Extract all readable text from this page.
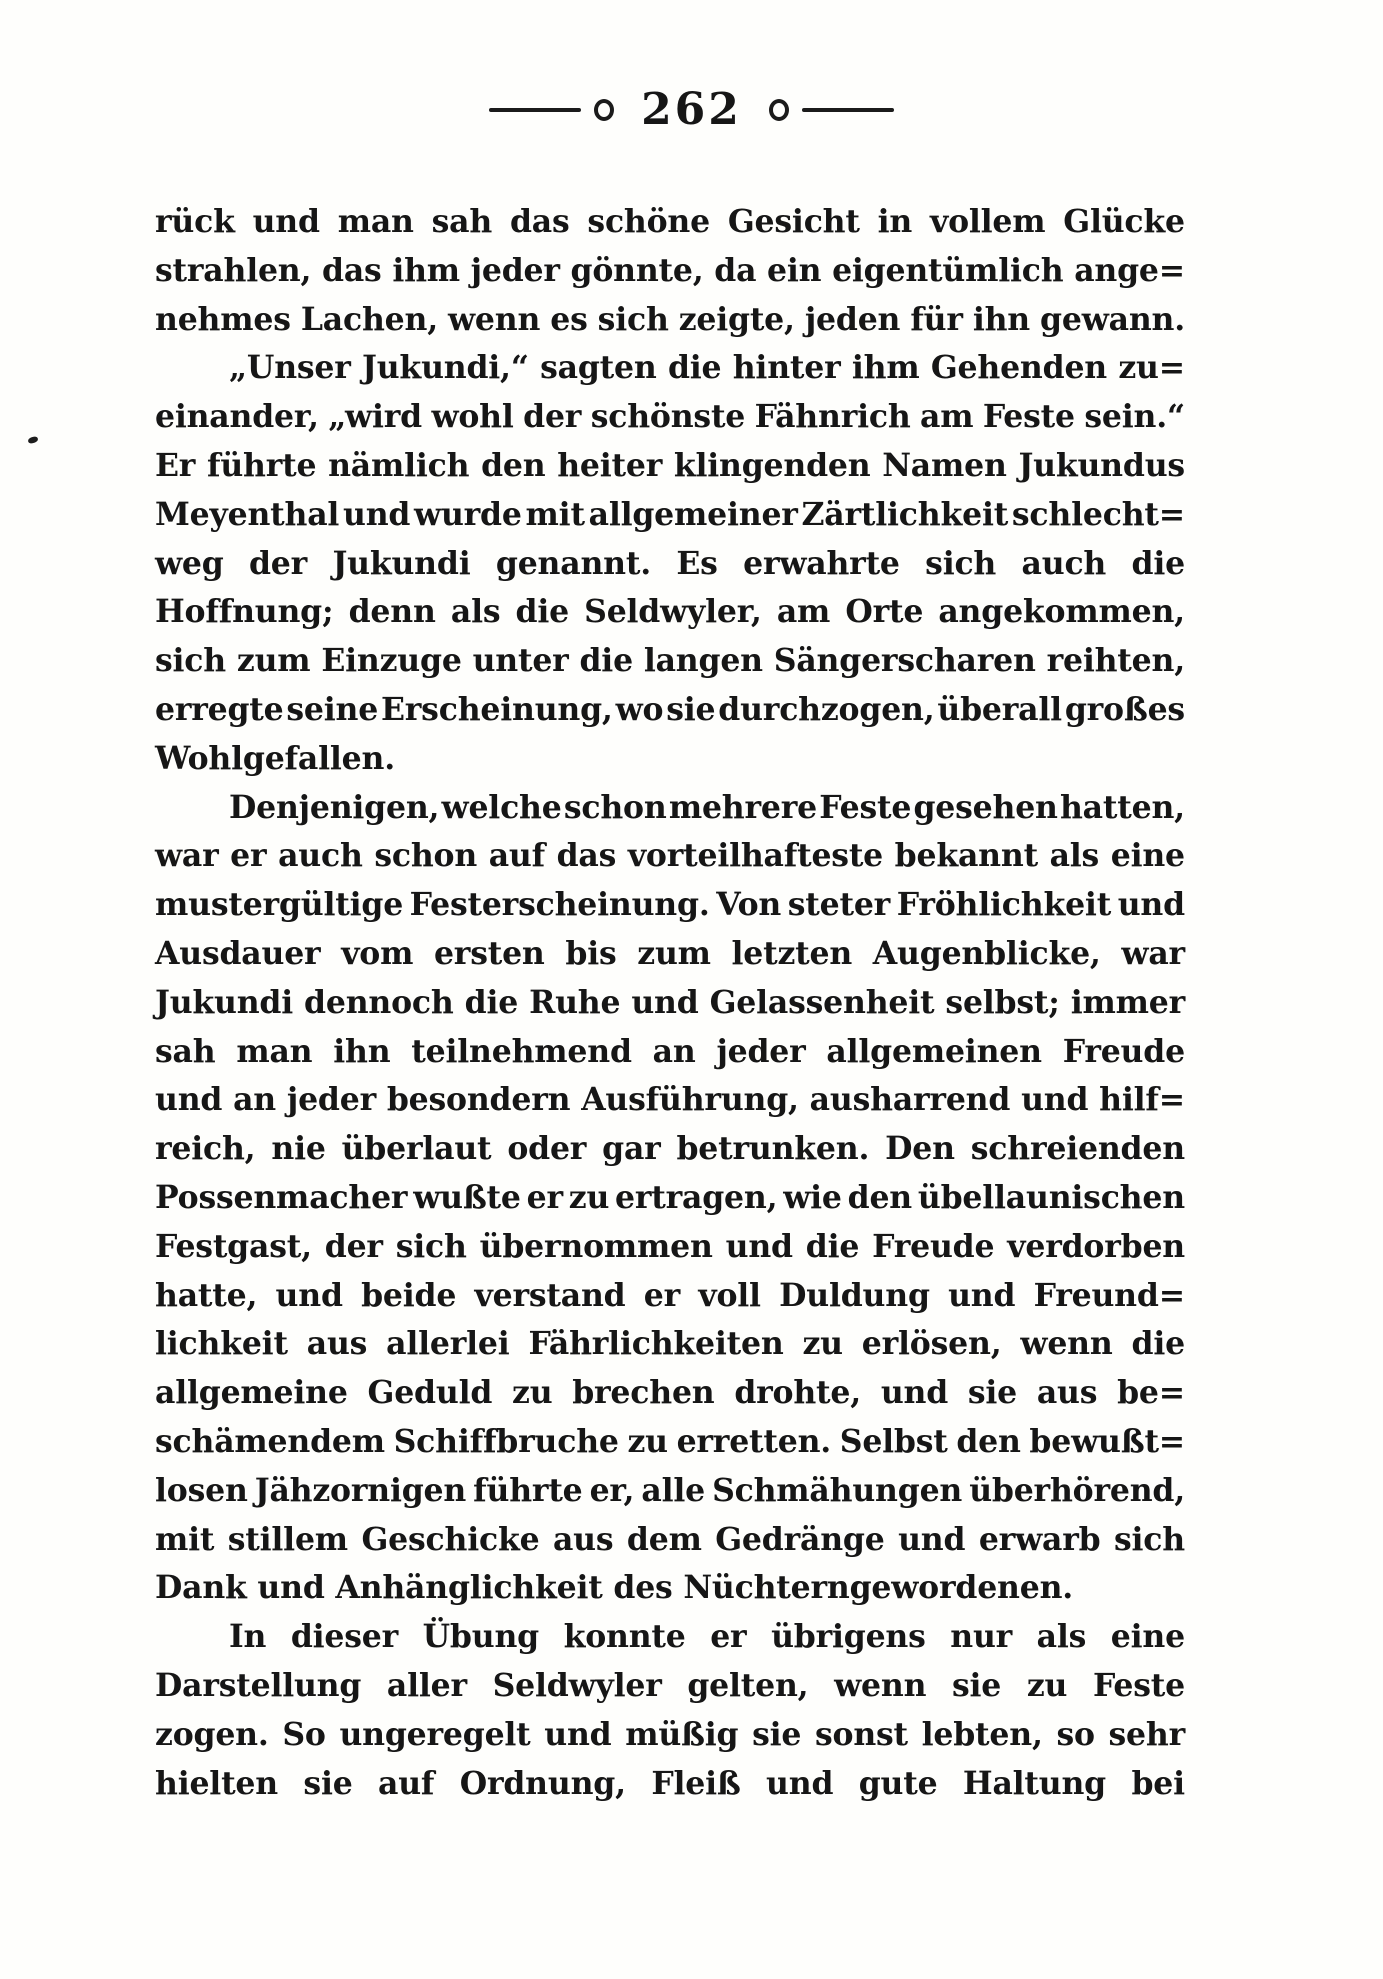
262
rück und man sah das schöne Gesicht in vollem Glücke
strahlen, das ihm jeder gönnte, da ein eigentümlich ange=
nehmes Lachen, wenn es sich zeigte, jeden für ihn gewann.
„Unser Jukundi,“ sagten die hinter ihm Gehenden zu=
einander, „wird wohl der schönste Fähnrich am Feste sein.“
Er führte nämlich den heiter klingenden Namen Jukundus
Meyenthal und wurde mit allgemeiner Zärtlichkeit schlecht=
weg der Jukundi genannt. Es erwahrte sich auch die
Hoffnung; denn als die Seldwyler, am Orte angekommen,
sich zum Einzuge unter die langen Sängerscharen reihten,
erregte seine Erscheinung, wo sie durchzogen, überall großes
Wohlgefallen.
Denjenigen, welche schon mehrere Feste gesehen hatten,
war er auch schon auf das vorteilhafteste bekannt als eine
mustergültige Festerscheinung. Von steter Fröhlichkeit und
Ausdauer vom ersten bis zum letzten Augenblicke, war
Jukundi dennoch die Ruhe und Gelassenheit selbst; immer
sah man ihn teilnehmend an jeder allgemeinen Freude
und an jeder besondern Ausführung, ausharrend und hilf=
reich, nie überlaut oder gar betrunken. Den schreienden
Possenmacher wußte er zu ertragen, wie den übellaunischen
Festgast, der sich übernommen und die Freude verdorben
hatte, und beide verstand er voll Duldung und Freund=
lichkeit aus allerlei Fährlichkeiten zu erlösen, wenn die
allgemeine Geduld zu brechen drohte, und sie aus be=
schämendem Schiffbruche zu erretten. Selbst den bewußt=
losen Jähzornigen führte er, alle Schmähungen überhörend,
mit stillem Geschicke aus dem Gedränge und erwarb sich
Dank und Anhänglichkeit des Nüchterngewordenen.
In dieser Übung konnte er übrigens nur als eine
Darstellung aller Seldwyler gelten, wenn sie zu Feste
zogen. So ungeregelt und müßig sie sonst lebten, so sehr
hielten sie auf Ordnung, Fleiß und gute Haltung bei
